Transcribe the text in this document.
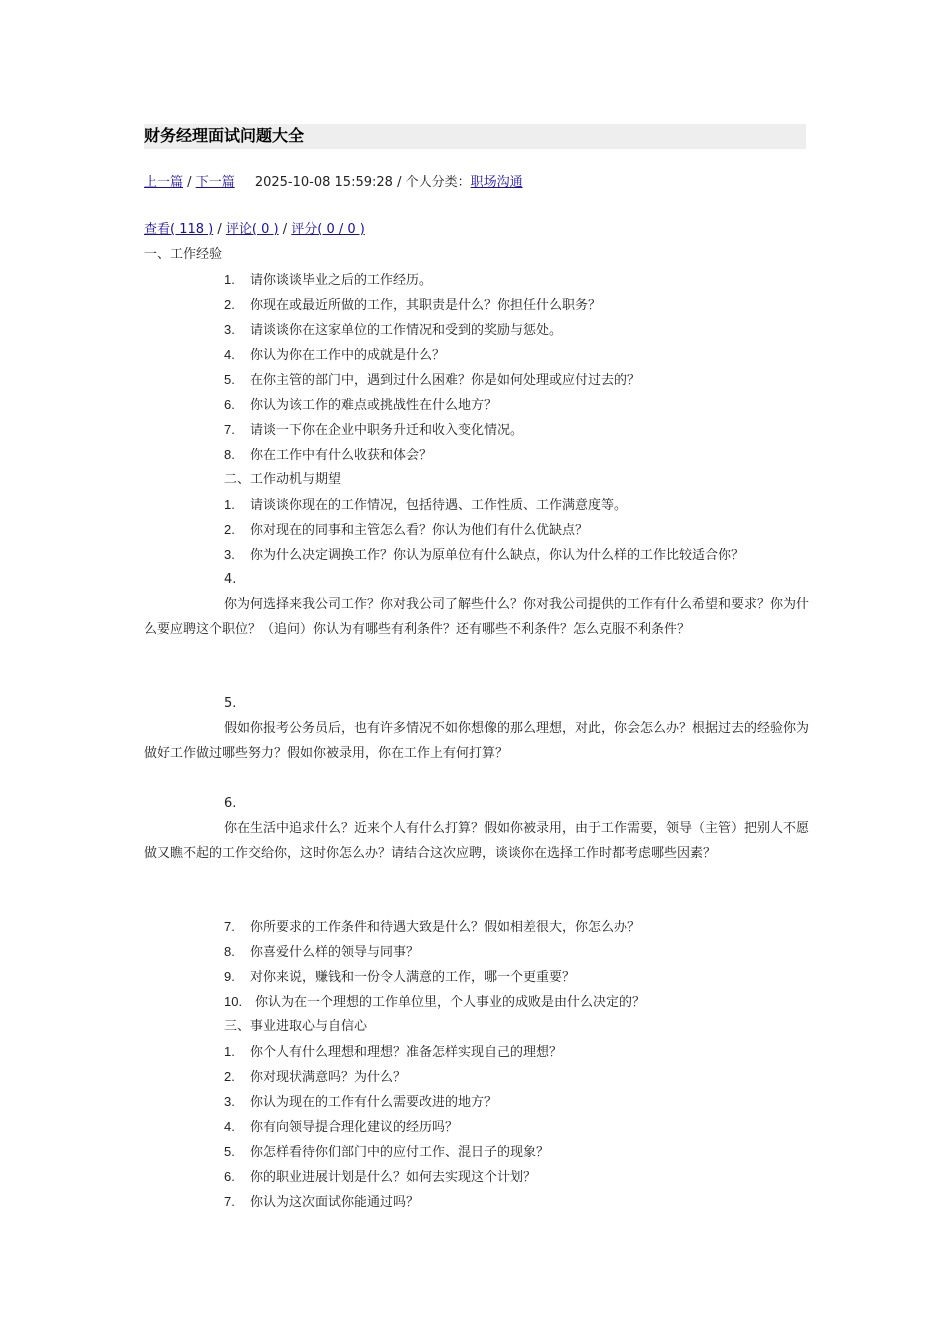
财务经理面试问题大全
上一篇 / 下一篇 2025-10-08 15:59:28 / 个人分类：职场沟通
查看( 118 ) / 评论( 0 ) / 评分( 0 / 0 )
一、工作经验
1. 请你谈谈毕业之后的工作经历。
2. 你现在或最近所做的工作，其职责是什么？你担任什么职务？
3. 请谈谈你在这家单位的工作情况和受到的奖励与惩处。
4. 你认为你在工作中的成就是什么？
5. 在你主管的部门中，遇到过什么困难？你是如何处理或应付过去的？
6. 你认为该工作的难点或挑战性在什么地方？
7. 请谈一下你在企业中职务升迁和收入变化情况。
8. 你在工作中有什么收获和体会？
二、工作动机与期望
1. 请谈谈你现在的工作情况，包括待遇、工作性质、工作满意度等。
2. 你对现在的同事和主管怎么看？你认为他们有什么优缺点？
3. 你为什么决定调换工作？你认为原单位有什么缺点，你认为什么样的工作比较适合你？
4.
你为何选择来我公司工作？你对我公司了解些什么？你对我公司提供的工作有什么希望和要求？你为什么要应聘这个职位？（追问）你认为有哪些有利条件？还有哪些不利条件？怎么克服不利条件？
5.
假如你报考公务员后，也有许多情况不如你想像的那么理想，对此，你会怎么办？根据过去的经验你为做好工作做过哪些努力？假如你被录用，你在工作上有何打算？
6.
你在生活中追求什么？近来个人有什么打算？假如你被录用，由于工作需要，领导（主管）把别人不愿做又瞧不起的工作交给你，这时你怎么办？请结合这次应聘，谈谈你在选择工作时都考虑哪些因素？
7. 你所要求的工作条件和待遇大致是什么？假如相差很大，你怎么办？
8. 你喜爱什么样的领导与同事？
9. 对你来说，赚钱和一份令人满意的工作，哪一个更重要？
10. 你认为在一个理想的工作单位里，个人事业的成败是由什么决定的？
三、事业进取心与自信心
1. 你个人有什么理想和理想？准备怎样实现自己的理想？
2. 你对现状满意吗？为什么？
3. 你认为现在的工作有什么需要改进的地方？
4. 你有向领导提合理化建议的经历吗？
5. 你怎样看待你们部门中的应付工作、混日子的现象？
6. 你的职业进展计划是什么？如何去实现这个计划？
7. 你认为这次面试你能通过吗？
